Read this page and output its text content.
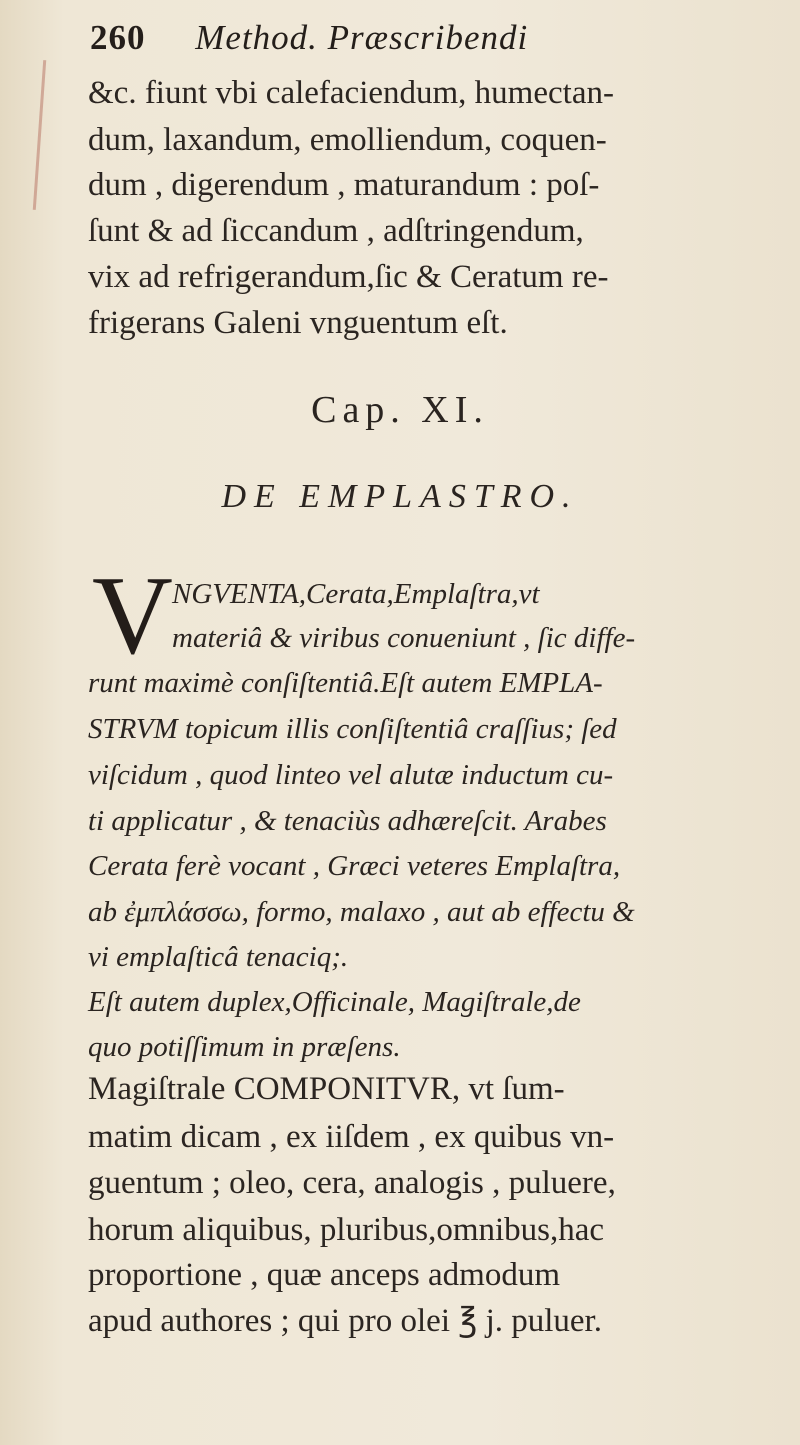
260 Method. Præscribendi
&c. fiunt vbi calefaciendum, humectan-
dum, laxandum, emolliendum, coquen-
dum , digerendum , maturandum : poſ-
ſunt & ad ſiccandum , adſtringendum,
vix ad refrigerandum,ſic & Ceratum re-
frigerans Galeni vnguentum eſt.
Cap. XI.
DE EMPLASTRO.
V NGVENTA,Cerata,Emplaſtra,vt
materiâ & viribus conueniunt , ſic diffe-
runt maximè conſiſtentiâ.Eſt autem EMPLA-
STRVM topicum illis conſiſtentiâ craſſius; ſed
viſcidum , quod linteo vel alutæ inductum cu-
ti applicatur , & tenaciùs adhæreſcit. Arabes
Cerata ferè vocant , Græci veteres Emplaſtra,
ab ἐμπλάσσω, formo, malaxo , aut ab effectu &
vi emplaſticâ tenaciq;.
Eſt autem duplex,Officinale, Magiſtrale,de
quo potiſſimum in præſens.
Magiſtrale COMPONITVR, vt ſum-
matim dicam , ex iiſdem , ex quibus vn-
guentum ; oleo, cera, analogis , puluere,
horum aliquibus, pluribus,omnibus,hac
proportione , quæ anceps admodum
apud authores ; qui pro olei ℥ j. puluer.
